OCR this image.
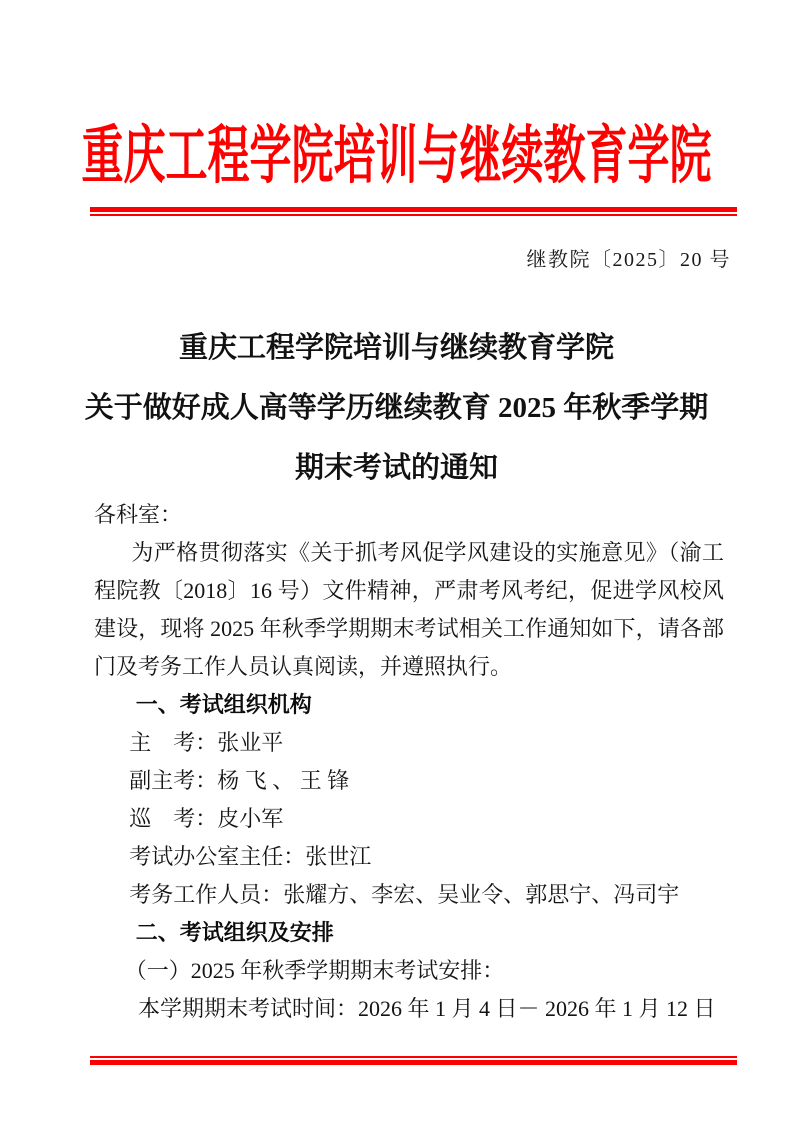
重庆工程学院培训与继续教育学院
继教院〔2025〕20 号
重庆工程学院培训与继续教育学院
关于做好成人高等学历继续教育 2025 年秋季学期
期末考试的通知

各科室：

为严格贯彻落实《关于抓考风促学风建设的实施意见》（渝工程院教〔2018〕16 号）文件精神，严肃考风考纪，促进学风校风建设，现将 2025 年秋季学期期末考试相关工作通知如下，请各部门及考务工作人员认真阅读，并遵照执行。

一、考试组织机构

主　考：张业平

副主考：杨 飞 、 王 锋

巡　考：皮小军

考试办公室主任：张世江

考务工作人员：张耀方、李宏、吴业令、郭思宁、冯司宇

二、考试组织及安排

（一）2025 年秋季学期期末考试安排：

本学期期末考试时间：2026 年 1 月 4 日－ 2026 年 1 月 12 日
